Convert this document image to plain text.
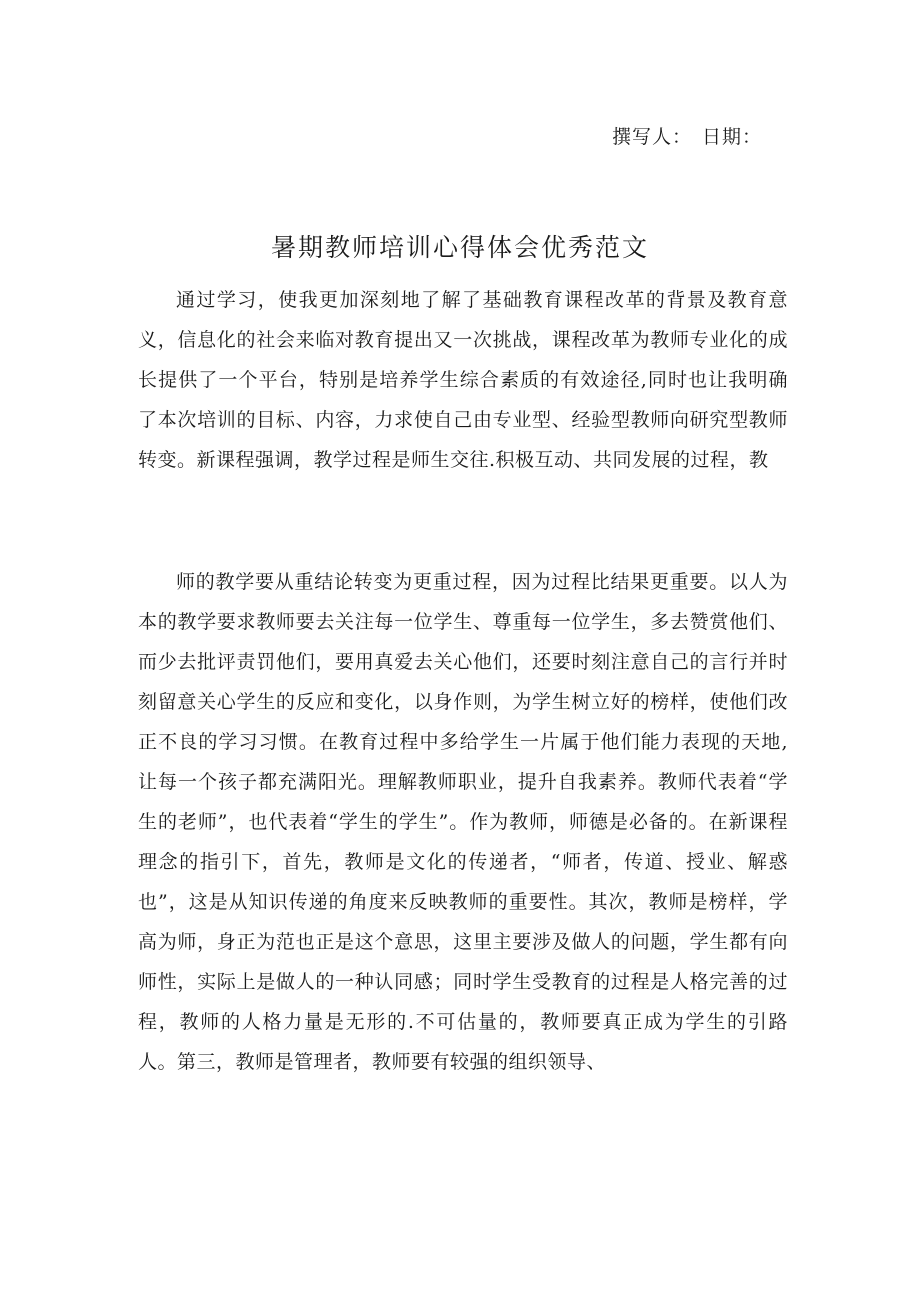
撰写人： 日期：
暑期教师培训心得体会优秀范文

通过学习，使我更加深刻地了解了基础教育课程改革的背景及教育意义，信息化的社会来临对教育提出又一次挑战，课程改革为教师专业化的成长提供了一个平台，特别是培养学生综合素质的有效途径,同时也让我明确了本次培训的目标、内容，力求使自己由专业型、经验型教师向研究型教师转变。新课程强调，教学过程是师生交往.积极互动、共同发展的过程，教

师的教学要从重结论转变为更重过程，因为过程比结果更重要。以人为本的教学要求教师要去关注每一位学生、尊重每一位学生，多去赞赏他们、而少去批评责罚他们，要用真爱去关心他们，还要时刻注意自己的言行并时刻留意关心学生的反应和变化，以身作则，为学生树立好的榜样，使他们改正不良的学习习惯。在教育过程中多给学生一片属于他们能力表现的天地,让每一个孩子都充满阳光。理解教师职业，提升自我素养。教师代表着“学生的老师”，也代表着“学生的学生”。作为教师，师德是必备的。在新课程理念的指引下，首先，教师是文化的传递者，“师者，传道、授业、解惑也”，这是从知识传递的角度来反映教师的重要性。其次，教师是榜样，学高为师，身正为范也正是这个意思，这里主要涉及做人的问题，学生都有向师性，实际上是做人的一种认同感；同时学生受教育的过程是人格完善的过程，教师的人格力量是无形的.不可估量的，教师要真正成为学生的引路人。第三，教师是管理者，教师要有较强的组织领导、
